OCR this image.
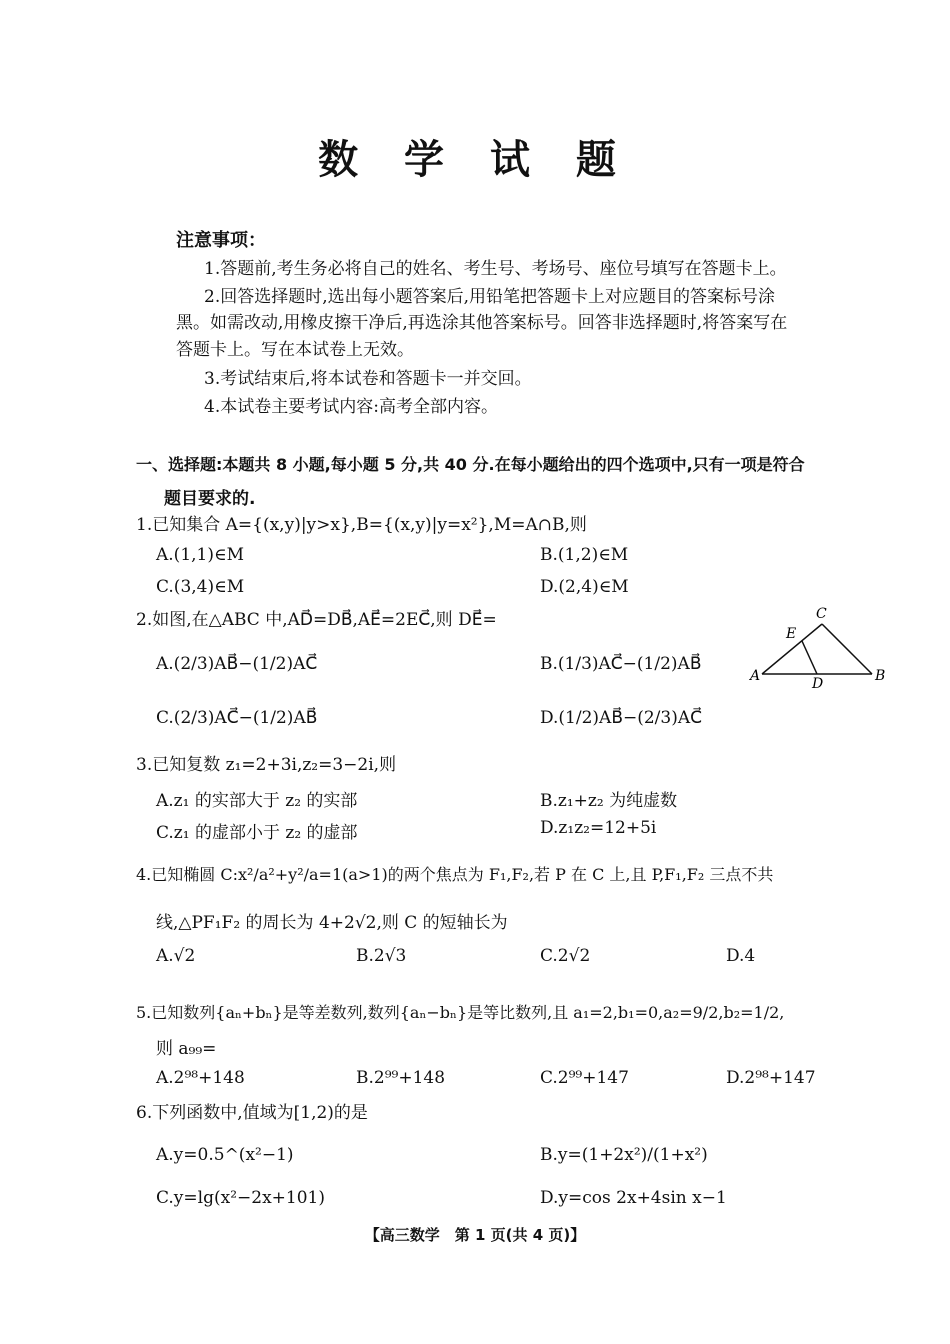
数 学 试 题
注意事项：
1.答题前,考生务必将自己的姓名、考生号、考场号、座位号填写在答题卡上。
2.回答选择题时,选出每小题答案后,用铅笔把答题卡上对应题目的答案标号涂
黑。如需改动,用橡皮擦干净后,再选涂其他答案标号。回答非选择题时,将答案写在
答题卡上。写在本试卷上无效。
3.考试结束后,将本试卷和答题卡一并交回。
4.本试卷主要考试内容:高考全部内容。
一、选择题:本题共 8 小题,每小题 5 分,共 40 分.在每小题给出的四个选项中,只有一项是符合
题目要求的.
1.已知集合 A={(x,y)|y>x},B={(x,y)|y=x²},M=A∩B,则
A.(1,1)∈M	B.(1,2)∈M
C.(3,4)∈M	D.(2,4)∈M
2.如图,在△ABC 中,AD⃗=DB⃗,AE⃗=2EC⃗,则 DE⃗=
A.(2/3)AB⃗−(1/2)AC⃗	B.(1/3)AC⃗−(1/2)AB⃗
C.(2/3)AC⃗−(1/2)AB⃗	D.(1/2)AB⃗−(2/3)AC⃗
A	B
C
D
E
3.已知复数 z₁=2+3i,z₂=3−2i,则
A.z₁ 的实部大于 z₂ 的实部	B.z₁+z₂ 为纯虚数
C.z₁ 的虚部小于 z₂ 的虚部	D.z₁z₂=12+5i
4.已知椭圆 C:x²/a²+y²/a=1(a>1)的两个焦点为 F₁,F₂,若 P 在 C 上,且 P,F₁,F₂ 三点不共
线,△PF₁F₂ 的周长为 4+2√2,则 C 的短轴长为
A.√2	B.2√3	C.2√2	D.4
5.已知数列{aₙ+bₙ}是等差数列,数列{aₙ−bₙ}是等比数列,且 a₁=2,b₁=0,a₂=9/2,b₂=1/2,
则 a₉₉=
A.2⁹⁸+148	B.2⁹⁹+148	C.2⁹⁹+147	D.2⁹⁸+147
6.下列函数中,值域为[1,2)的是
A.y=0.5^(x²−1)	B.y=(1+2x²)/(1+x²)
C.y=lg(x²−2x+101)	D.y=cos 2x+4sin x−1
【高三数学　第 1 页(共 4 页)】
